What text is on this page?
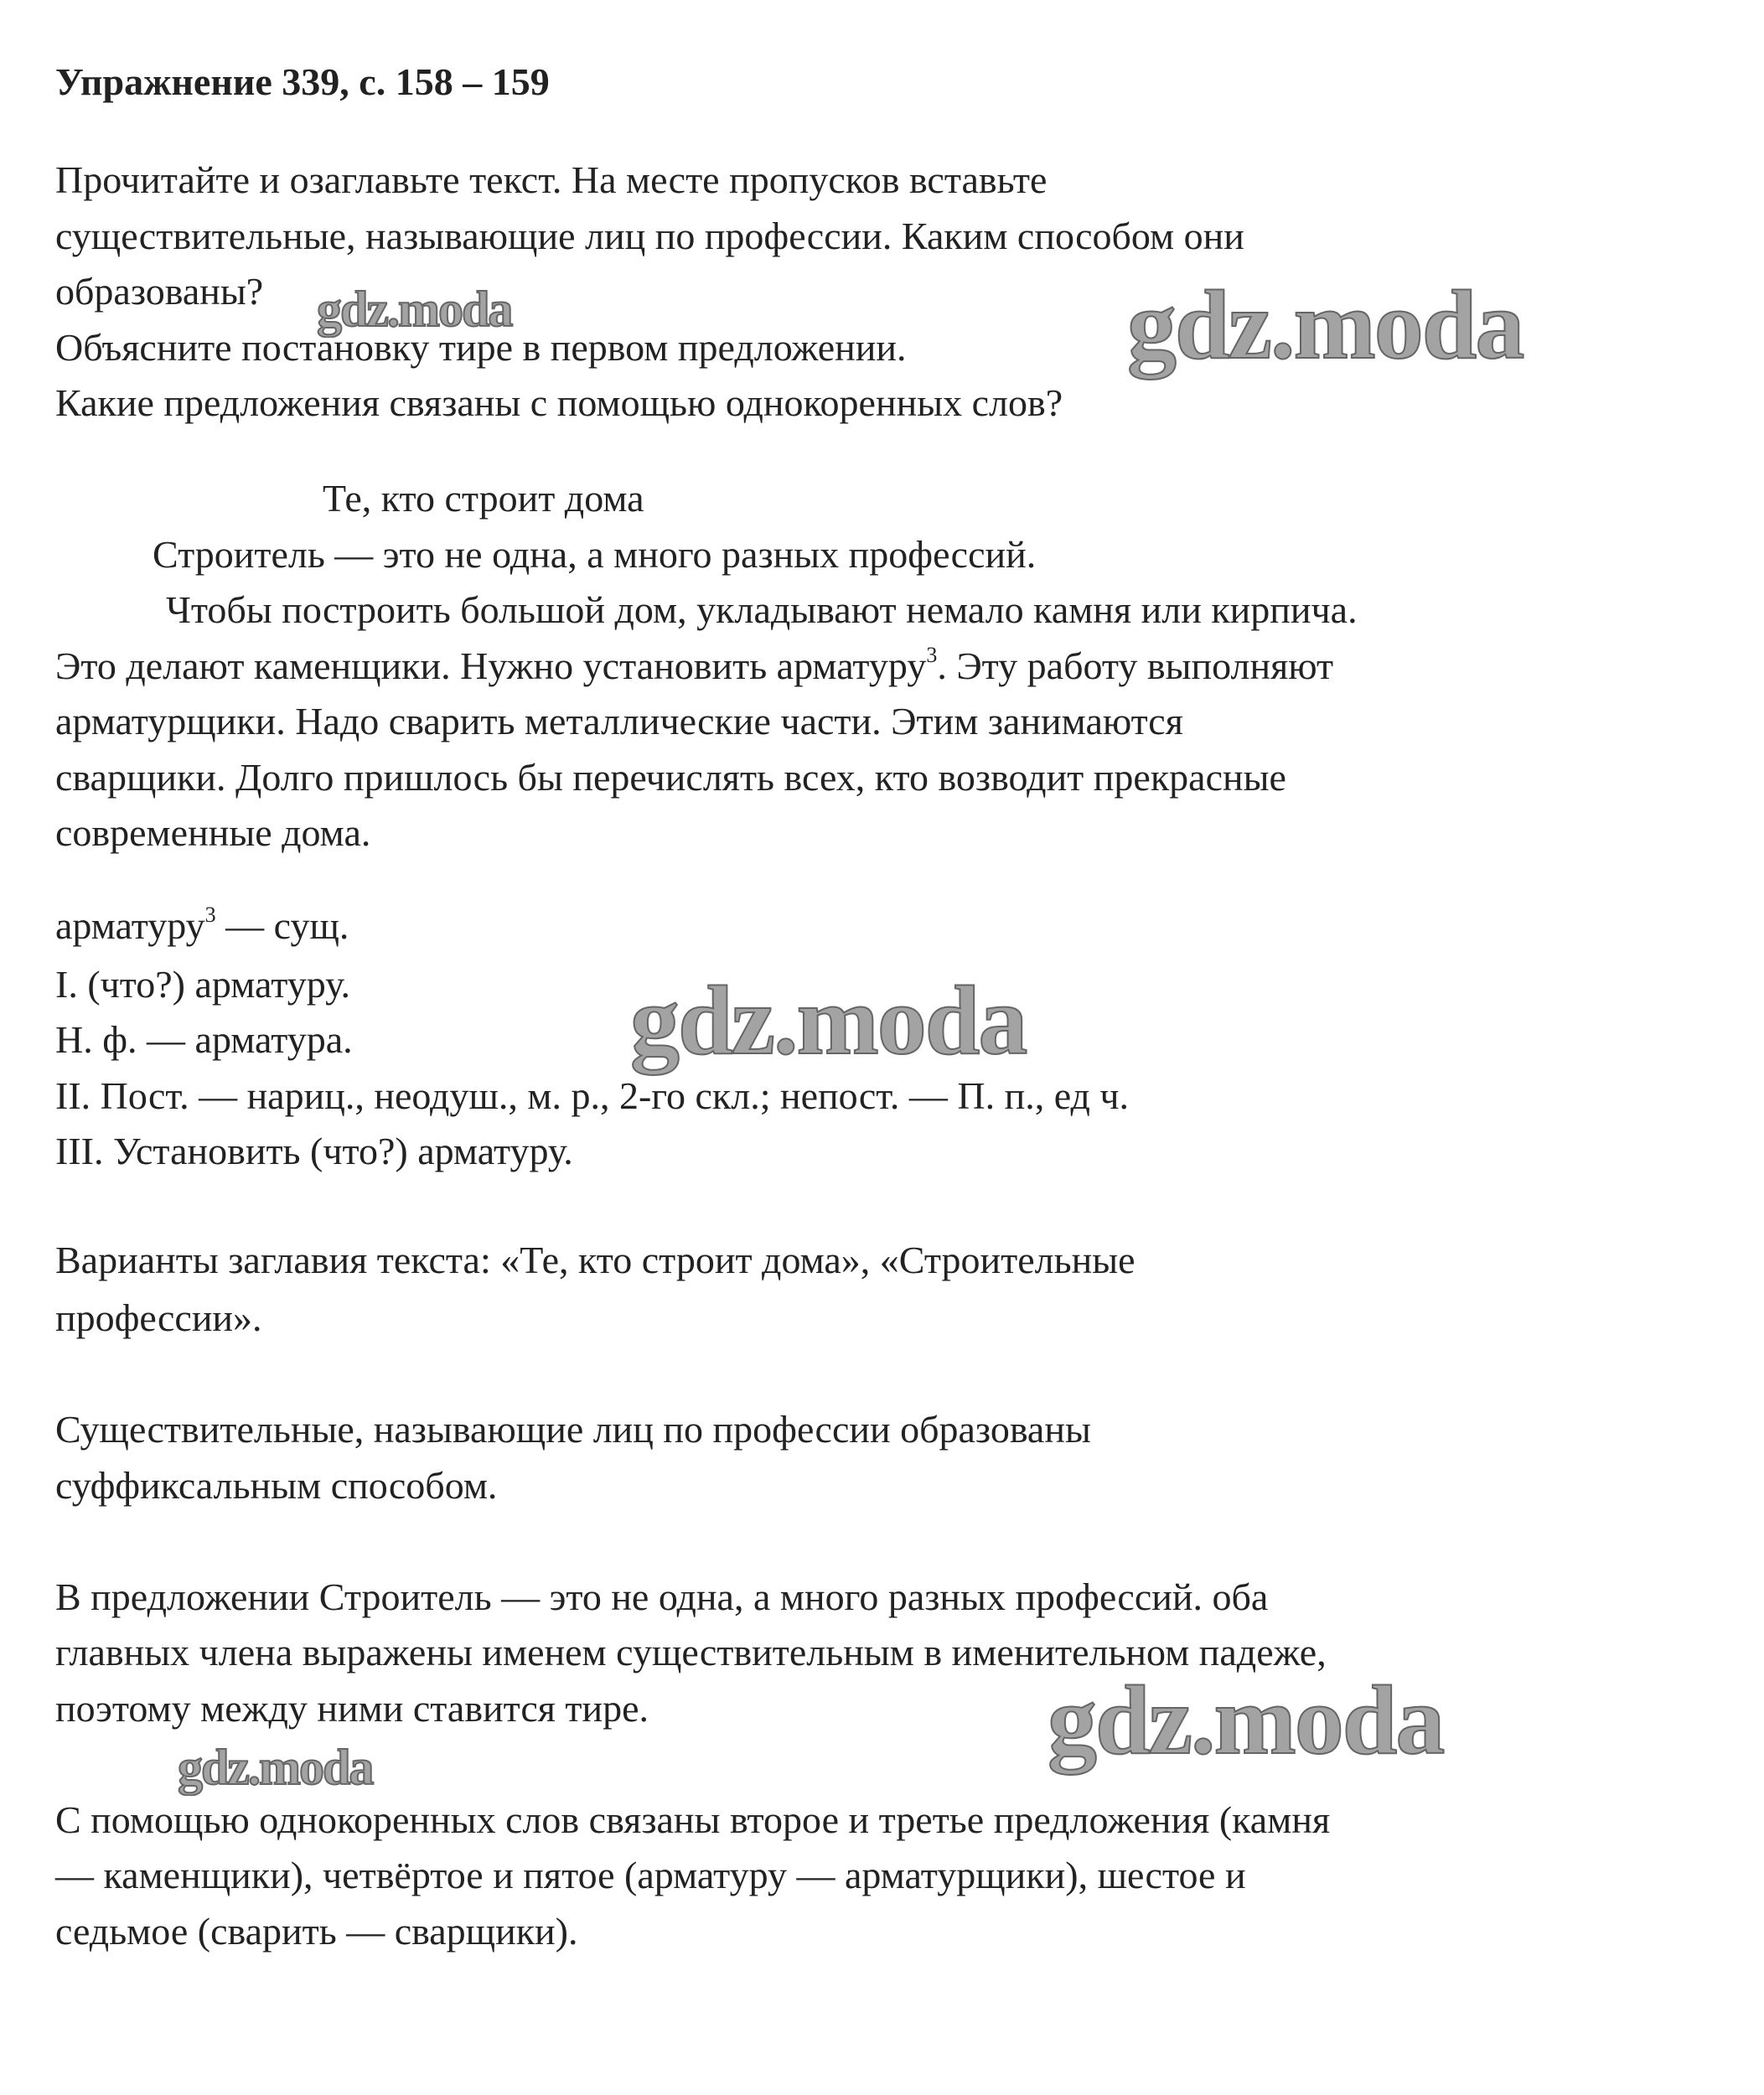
Упражнение 339, с. 158 – 159
Прочитайте и озаглавьте текст. На месте пропусков вставьте
существительные, называющие лиц по профессии. Каким способом они
образованы?
Объясните постановку тире в первом предложении.
Какие предложения связаны с помощью однокоренных слов?
Те, кто строит дома
Строитель — это не одна, а много разных профессий.
Чтобы построить большой дом, укладывают немало камня или кирпича.
Это делают каменщики. Нужно установить арматуру$^3$. Эту работу выполняют
арматурщики. Надо сварить металлические части. Этим занимаются
сварщики. Долго пришлось бы перечислять всех, кто возводит прекрасные
современные дома.
арматуру$^3$ — сущ.
I. (что?) арматуру.
Н. ф. — арматура.
II. Пост. — нариц., неодуш., м. р., 2-го скл.; непост. — П. п., ед ч.
III. Установить (что?) арматуру.
Варианты заглавия текста: «Те, кто строит дома», «Строительные
профессии».
Существительные, называющие лиц по профессии образованы
суффиксальным способом.
В предложении Строитель — это не одна, а много разных профессий. оба
главных члена выражены именем существительным в именительном падеже,
поэтому между ними ставится тире.
С помощью однокоренных слов связаны второе и третье предложения (камня
— каменщики), четвёртое и пятое (арматуру — арматурщики), шестое и
седьмое (сварить — сварщики).
gdz.moda	gdz.moda
gdz.moda
gdz.moda
gdz.moda
